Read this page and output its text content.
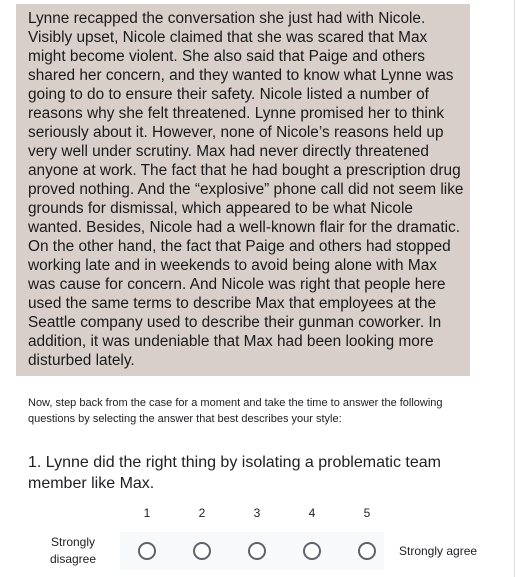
Lynne recapped the conversation she just had with Nicole. Visibly upset, Nicole claimed that she was scared that Max might become violent. She also said that Paige and others shared her concern, and they wanted to know what Lynne was going to do to ensure their safety. Nicole listed a number of reasons why she felt threatened. Lynne promised her to think seriously about it. However, none of Nicole’s reasons held up very well under scrutiny. Max had never directly threatened anyone at work. The fact that he had bought a prescription drug proved nothing. And the “explosive” phone call did not seem like grounds for dismissal, which appeared to be what Nicole wanted. Besides, Nicole had a well-known flair for the dramatic. On the other hand, the fact that Paige and others had stopped working late and in weekends to avoid being alone with Max was cause for concern. And Nicole was right that people here used the same terms to describe Max that employees at the Seattle company used to describe their gunman coworker. In addition, it was undeniable that Max had been looking more disturbed lately.
Now, step back from the case for a moment and take the time to answer the following questions by selecting the answer that best describes your style:
1. Lynne did the right thing by isolating a problematic team member like Max.
1	2	3	4	5
Strongly disagree
Strongly agree
